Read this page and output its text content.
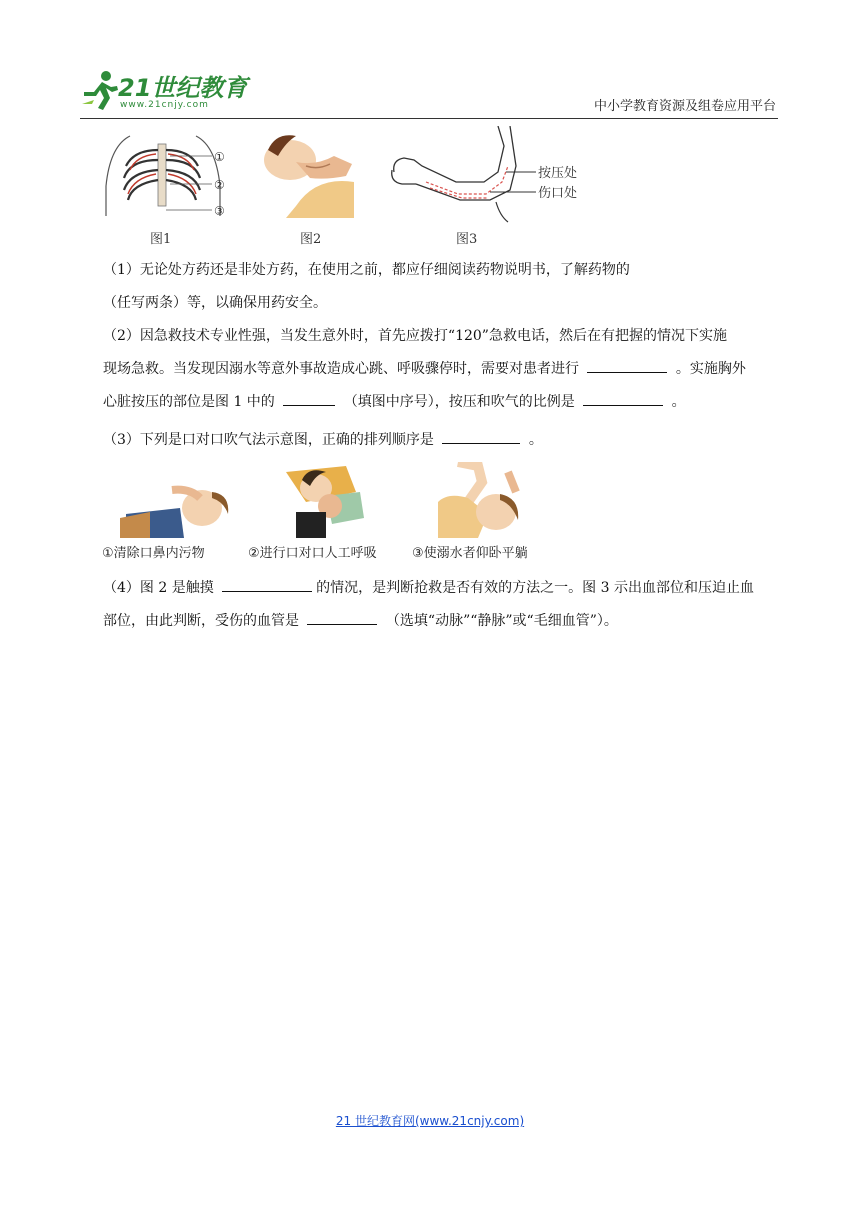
21世纪教育
www.21cnjy.com	中小学教育资源及组卷应用平台
①
②
③
图1	图2
按压处
伤口处
图3
（1）无论处方药还是非处方药，在使用之前，都应仔细阅读药物说明书，了解药物的
（任写两条）等，以确保用药安全。
（2）因急救技术专业性强，当发生意外时，首先应拨打“120”急救电话，然后在有把握的情况下实施
现场急救。当发现因溺水等意外事故造成心跳、呼吸骤停时，需要对患者进行	。实施胸外
心脏按压的部位是图 1 中的	（填图中序号），按压和吹气的比例是	。
（3）下列是口对口吹气法示意图，正确的排列顺序是	。
①清除口鼻内污物	②进行口对口人工呼吸	③使溺水者仰卧平躺
（4）图 2 是触摸	的情况，是判断抢救是否有效的方法之一。图 3 示出血部位和压迫止血
部位，由此判断，受伤的血管是	（选填“动脉”“静脉”或“毛细血管”）。
21 世纪教育网(www.21cnjy.com)
